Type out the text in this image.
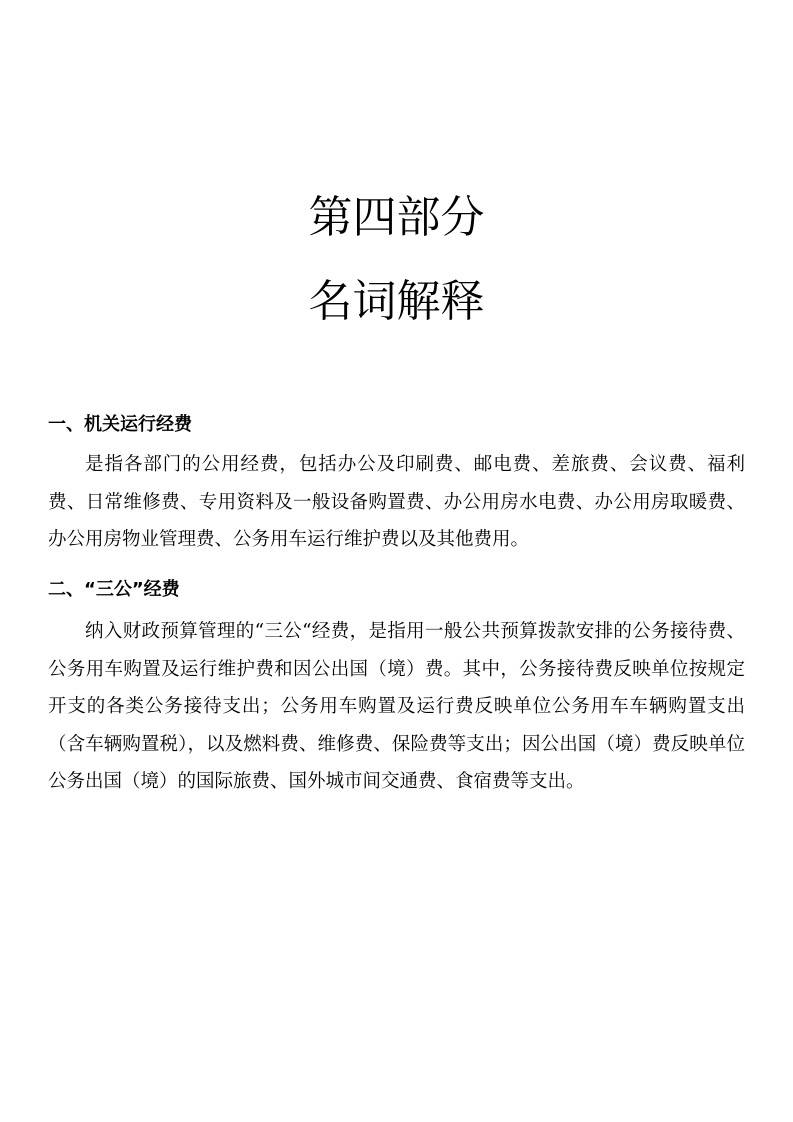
第四部分
名词解释
一、机关运行经费

是指各部门的公用经费，包括办公及印刷费、邮电费、差旅费、会议费、福利费、日常维修费、专用资料及一般设备购置费、办公用房水电费、办公用房取暖费、办公用房物业管理费、公务用车运行维护费以及其他费用。

二、“三公”经费

纳入财政预算管理的“三公“经费，是指用一般公共预算拨款安排的公务接待费、公务用车购置及运行维护费和因公出国（境）费。其中，公务接待费反映单位按规定开支的各类公务接待支出；公务用车购置及运行费反映单位公务用车车辆购置支出（含车辆购置税），以及燃料费、维修费、保险费等支出；因公出国（境）费反映单位公务出国（境）的国际旅费、国外城市间交通费、食宿费等支出。
